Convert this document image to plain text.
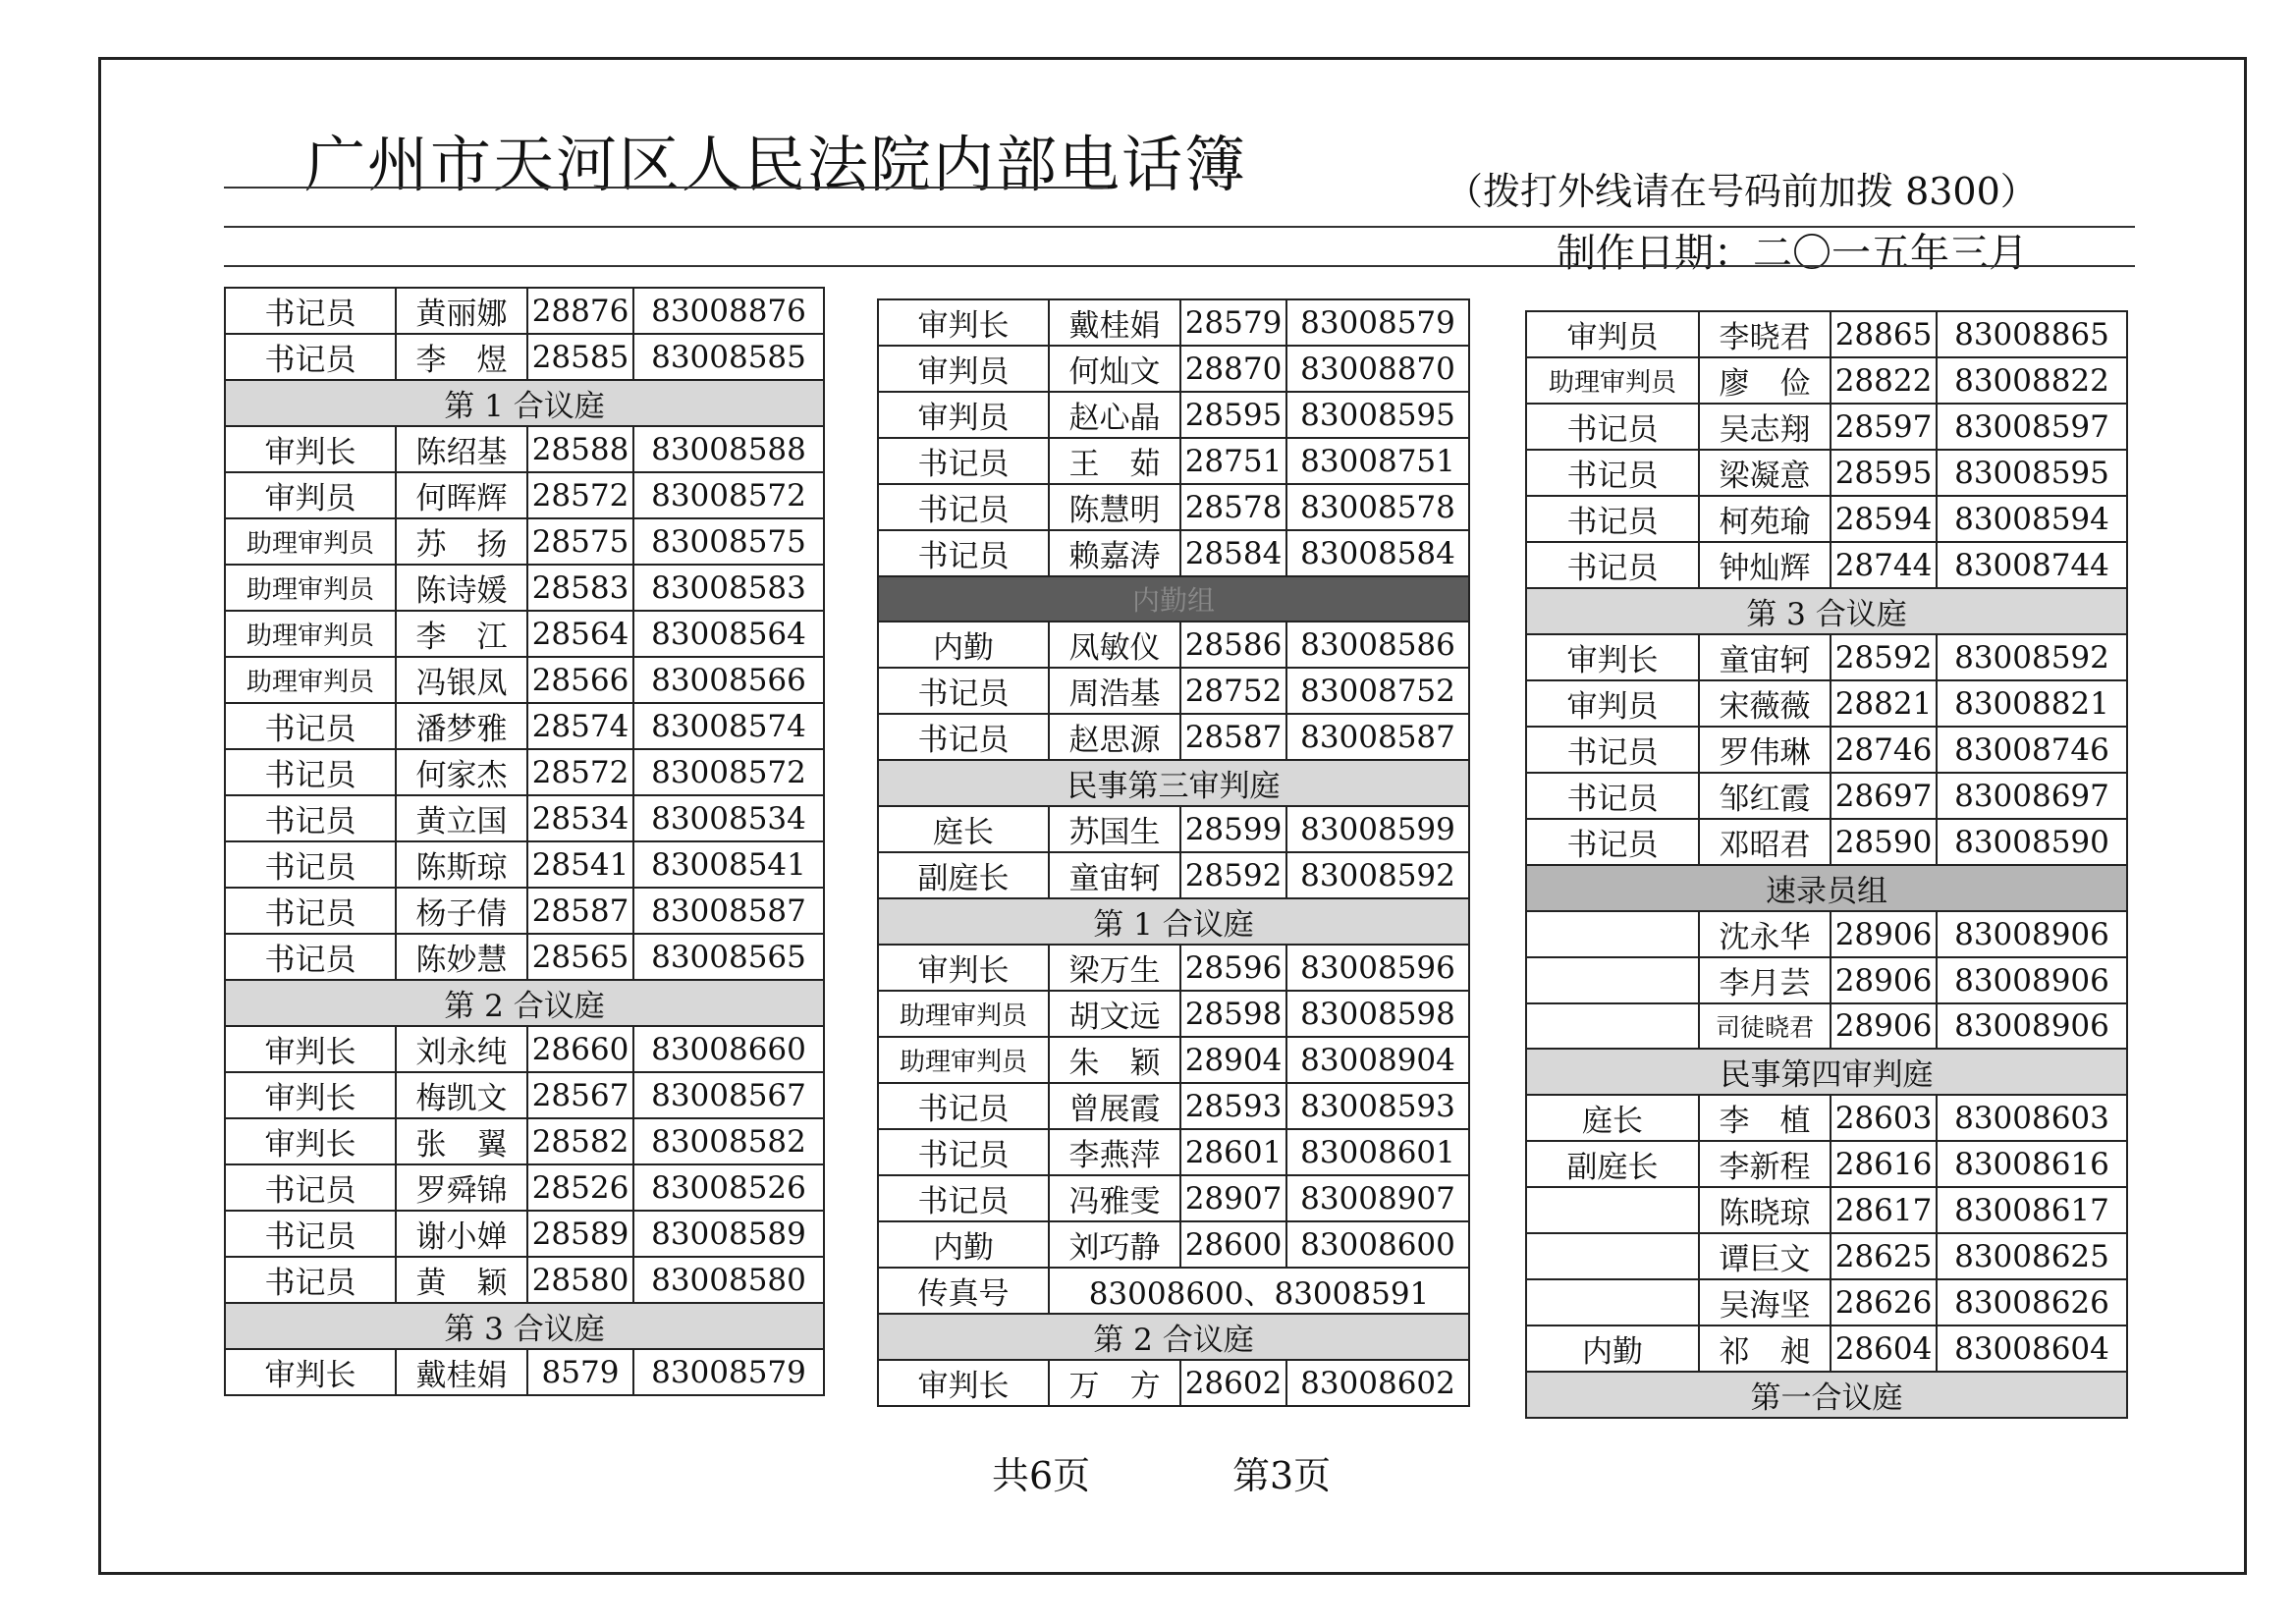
广州市天河区人民法院内部电话簿	（拨打外线请在号码前加拨 8300）
制作日期：二〇一五年三月
书记员	黄丽娜	28876	83008876
书记员	李　煜	28585	83008585
第 1 合议庭			
审判长	陈绍基	28588	83008588
审判员	何晖辉	28572	83008572
助理审判员	苏　扬	28575	83008575
助理审判员	陈诗媛	28583	83008583
助理审判员	李　江	28564	83008564
助理审判员	冯银凤	28566	83008566
书记员	潘梦雅	28574	83008574
书记员	何家杰	28572	83008572
书记员	黄立国	28534	83008534
书记员	陈斯琼	28541	83008541
书记员	杨子倩	28587	83008587
书记员	陈妙慧	28565	83008565
第 2 合议庭			
审判长	刘永纯	28660	83008660
审判长	梅凯文	28567	83008567
审判长	张　翼	28582	83008582
书记员	罗舜锦	28526	83008526
书记员	谢小婵	28589	83008589
书记员	黄　颖	28580	83008580
第 3 合议庭			
审判长	戴桂娟	8579	83008579
审判长	戴桂娟	28579	83008579
审判员	何灿文	28870	83008870
审判员	赵心晶	28595	83008595
书记员	王　茹	28751	83008751
书记员	陈慧明	28578	83008578
书记员	赖嘉涛	28584	83008584
内勤组			
内勤	凤敏仪	28586	83008586
书记员	周浩基	28752	83008752
书记员	赵思源	28587	83008587
民事第三审判庭			
庭长	苏国生	28599	83008599
副庭长	童宙轲	28592	83008592
第 1 合议庭			
审判长	梁万生	28596	83008596
助理审判员	胡文远	28598	83008598
助理审判员	朱　颖	28904	83008904
书记员	曾展霞	28593	83008593
书记员	李燕萍	28601	83008601
书记员	冯雅雯	28907	83008907
内勤	刘巧静	28600	83008600
传真号	83008600、83008591		
第 2 合议庭			
审判长	万　方	28602	83008602
审判员	李晓君	28865	83008865
助理审判员	廖　俭	28822	83008822
书记员	吴志翔	28597	83008597
书记员	梁凝意	28595	83008595
书记员	柯苑瑜	28594	83008594
书记员	钟灿辉	28744	83008744
第 3 合议庭			
审判长	童宙轲	28592	83008592
审判员	宋薇薇	28821	83008821
书记员	罗伟琳	28746	83008746
书记员	邹红霞	28697	83008697
书记员	邓昭君	28590	83008590
速录员组			
	沈永华	28906	83008906
	李月芸	28906	83008906
	司徒晓君	28906	83008906
民事第四审判庭			
庭长	李　植	28603	83008603
副庭长	李新程	28616	83008616
	陈晓琼	28617	83008617
	谭巨文	28625	83008625
	吴海坚	28626	83008626
内勤	祁　昶	28604	83008604
第一合议庭			
共6页	第3页
